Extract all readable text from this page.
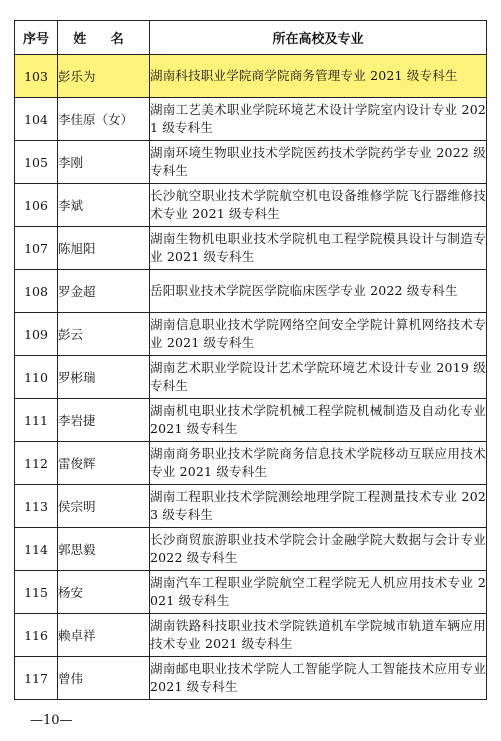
序号	姓 名	所在高校及专业
103	彭乐为	湖南科技职业学院商学院商务管理专业 2021 级专科生
104	李佳原（女）	湖南工艺美术职业学院环境艺术设计学院室内设计专业 2021 级专科生
105	李刚	湖南环境生物职业技术学院医药技术学院药学专业 2022 级专科生
106	李斌	长沙航空职业技术学院航空机电设备维修学院飞行器维修技术专业 2021 级专科生
107	陈旭阳	湖南生物机电职业技术学院机电工程学院模具设计与制造专业 2021 级专科生
108	罗金超	岳阳职业技术学院医学院临床医学专业 2022 级专科生
109	彭云	湖南信息职业技术学院网络空间安全学院计算机网络技术专业 2021 级专科生
110	罗彬瑞	湖南艺术职业学院设计艺术学院环境艺术设计专业 2019 级专科生
111	李岩捷	湖南机电职业技术学院机械工程学院机械制造及自动化专业 2021 级专科生
112	雷俊辉	湖南商务职业技术学院商务信息技术学院移动互联应用技术专业 2021 级专科生
113	侯宗明	湖南工程职业技术学院测绘地理学院工程测量技术专业 2023 级专科生
114	郭思毅	长沙商贸旅游职业技术学院会计金融学院大数据与会计专业 2022 级专科生
115	杨安	湖南汽车工程职业学院航空工程学院无人机应用技术专业 2021 级专科生
116	赖卓祥	湖南铁路科技职业技术学院铁道机车学院城市轨道车辆应用技术专业 2021 级专科生
117	曾伟	湖南邮电职业技术学院人工智能学院人工智能技术应用专业 2021 级专科生
—10—
